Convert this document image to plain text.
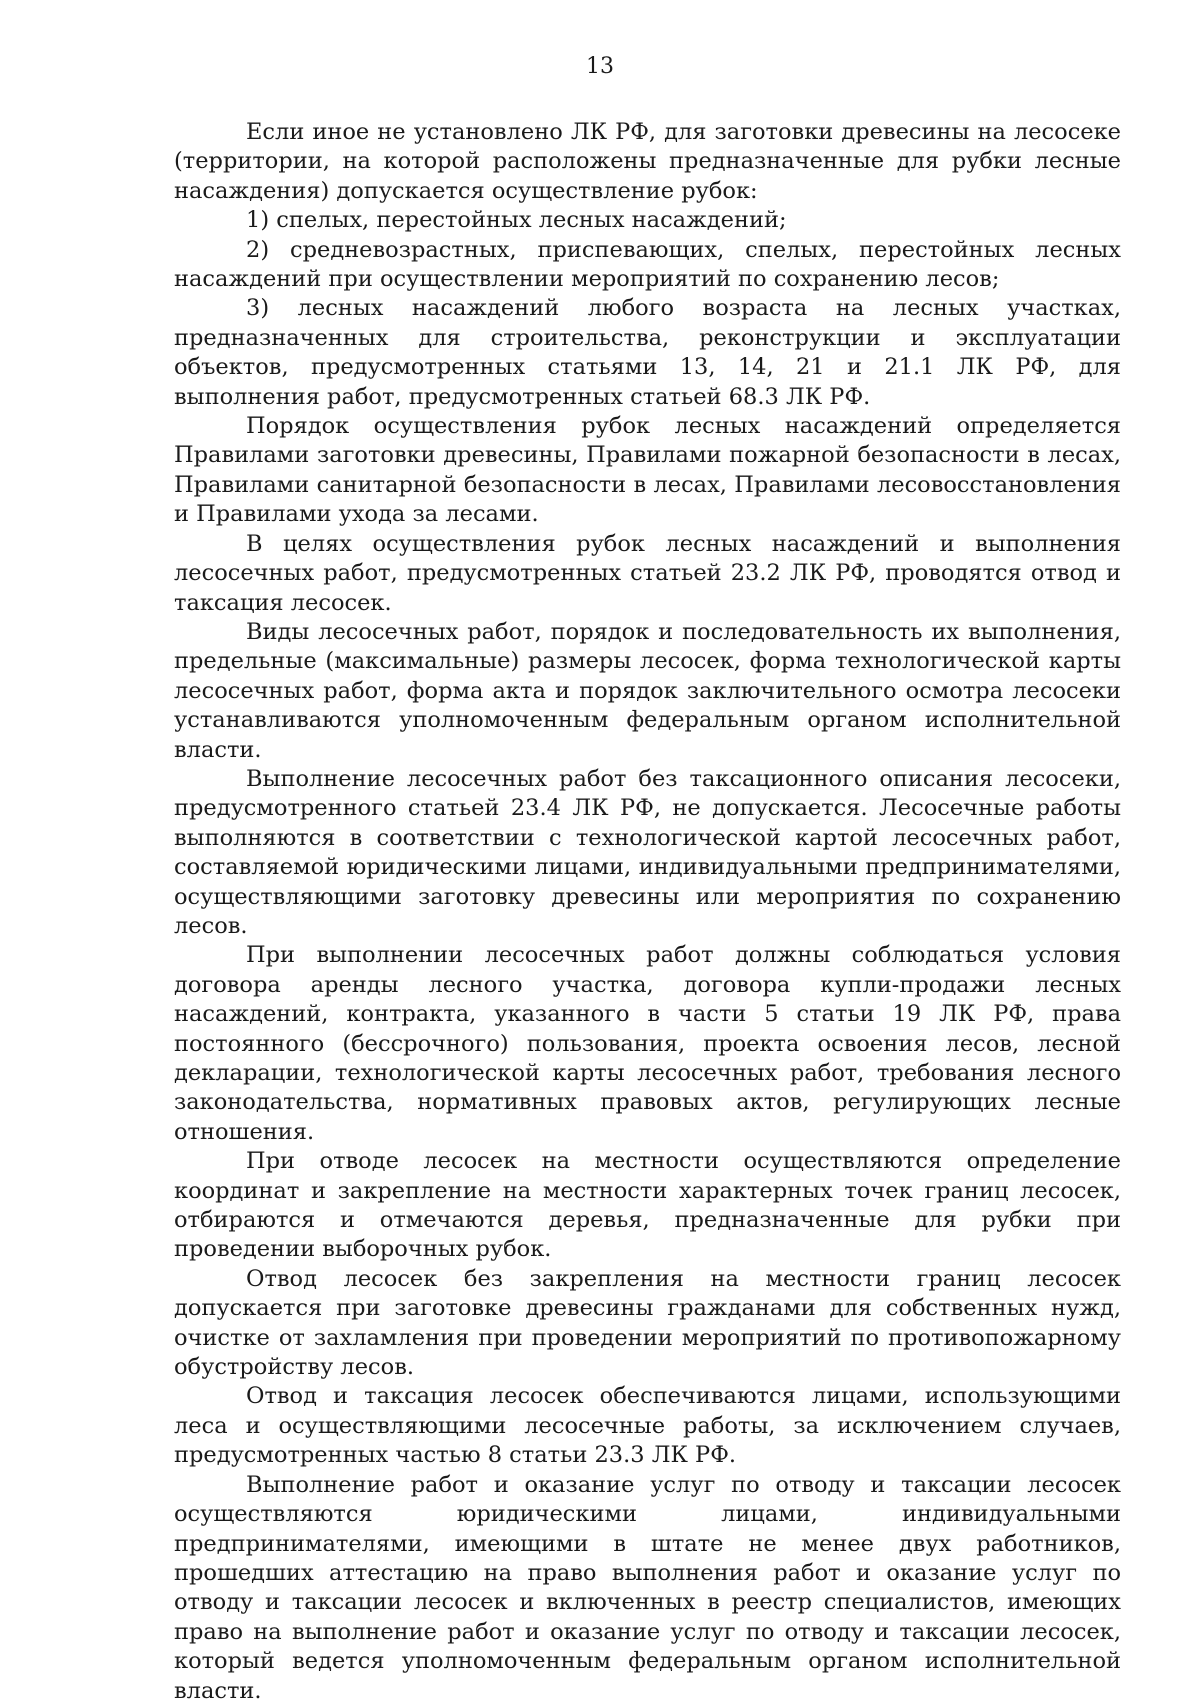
13

Если иное не установлено ЛК РФ, для заготовки древесины на лесосеке (территории, на которой расположены предназначенные для рубки лесные насаждения) допускается осуществление рубок:

1) спелых, перестойных лесных насаждений;

2) средневозрастных, приспевающих, спелых, перестойных лесных насаждений при осуществлении мероприятий по сохранению лесов;

3) лесных насаждений любого возраста на лесных участках, предназначенных для строительства, реконструкции и эксплуатации объектов, предусмотренных статьями 13, 14, 21 и 21.1 ЛК РФ, для выполнения работ, предусмотренных статьей 68.3 ЛК РФ.

Порядок осуществления рубок лесных насаждений определяется Правилами заготовки древесины, Правилами пожарной безопасности в лесах, Правилами санитарной безопасности в лесах, Правилами лесовосстановления и Правилами ухода за лесами.

В целях осуществления рубок лесных насаждений и выполнения лесосечных работ, предусмотренных статьей 23.2 ЛК РФ, проводятся отвод и таксация лесосек.

Виды лесосечных работ, порядок и последовательность их выполнения, предельные (максимальные) размеры лесосек, форма технологической карты лесосечных работ, форма акта и порядок заключительного осмотра лесосеки устанавливаются уполномоченным федеральным органом исполнительной власти.

Выполнение лесосечных работ без таксационного описания лесосеки, предусмотренного статьей 23.4 ЛК РФ, не допускается. Лесосечные работы выполняются в соответствии с технологической картой лесосечных работ, составляемой юридическими лицами, индивидуальными предпринимателями, осуществляющими заготовку древесины или мероприятия по сохранению лесов.

При выполнении лесосечных работ должны соблюдаться условия договора аренды лесного участка, договора купли-продажи лесных насаждений, контракта, указанного в части 5 статьи 19 ЛК РФ, права постоянного (бессрочного) пользования, проекта освоения лесов, лесной декларации, технологической карты лесосечных работ, требования лесного законодательства, нормативных правовых актов, регулирующих лесные отношения.

При отводе лесосек на местности осуществляются определение координат и закрепление на местности характерных точек границ лесосек, отбираются и отмечаются деревья, предназначенные для рубки при проведении выборочных рубок.

Отвод лесосек без закрепления на местности границ лесосек допускается при заготовке древесины гражданами для собственных нужд, очистке от захламления при проведении мероприятий по противопожарному обустройству лесов.

Отвод и таксация лесосек обеспечиваются лицами, использующими леса и осуществляющими лесосечные работы, за исключением случаев, предусмотренных частью 8 статьи 23.3 ЛК РФ.

Выполнение работ и оказание услуг по отводу и таксации лесосек осуществляются юридическими лицами, индивидуальными предпринимателями, имеющими в штате не менее двух работников, прошедших аттестацию на право выполнения работ и оказание услуг по отводу и таксации лесосек и включенных в реестр специалистов, имеющих право на выполнение работ и оказание услуг по отводу и таксации лесосек, который ведется уполномоченным федеральным органом исполнительной власти.
